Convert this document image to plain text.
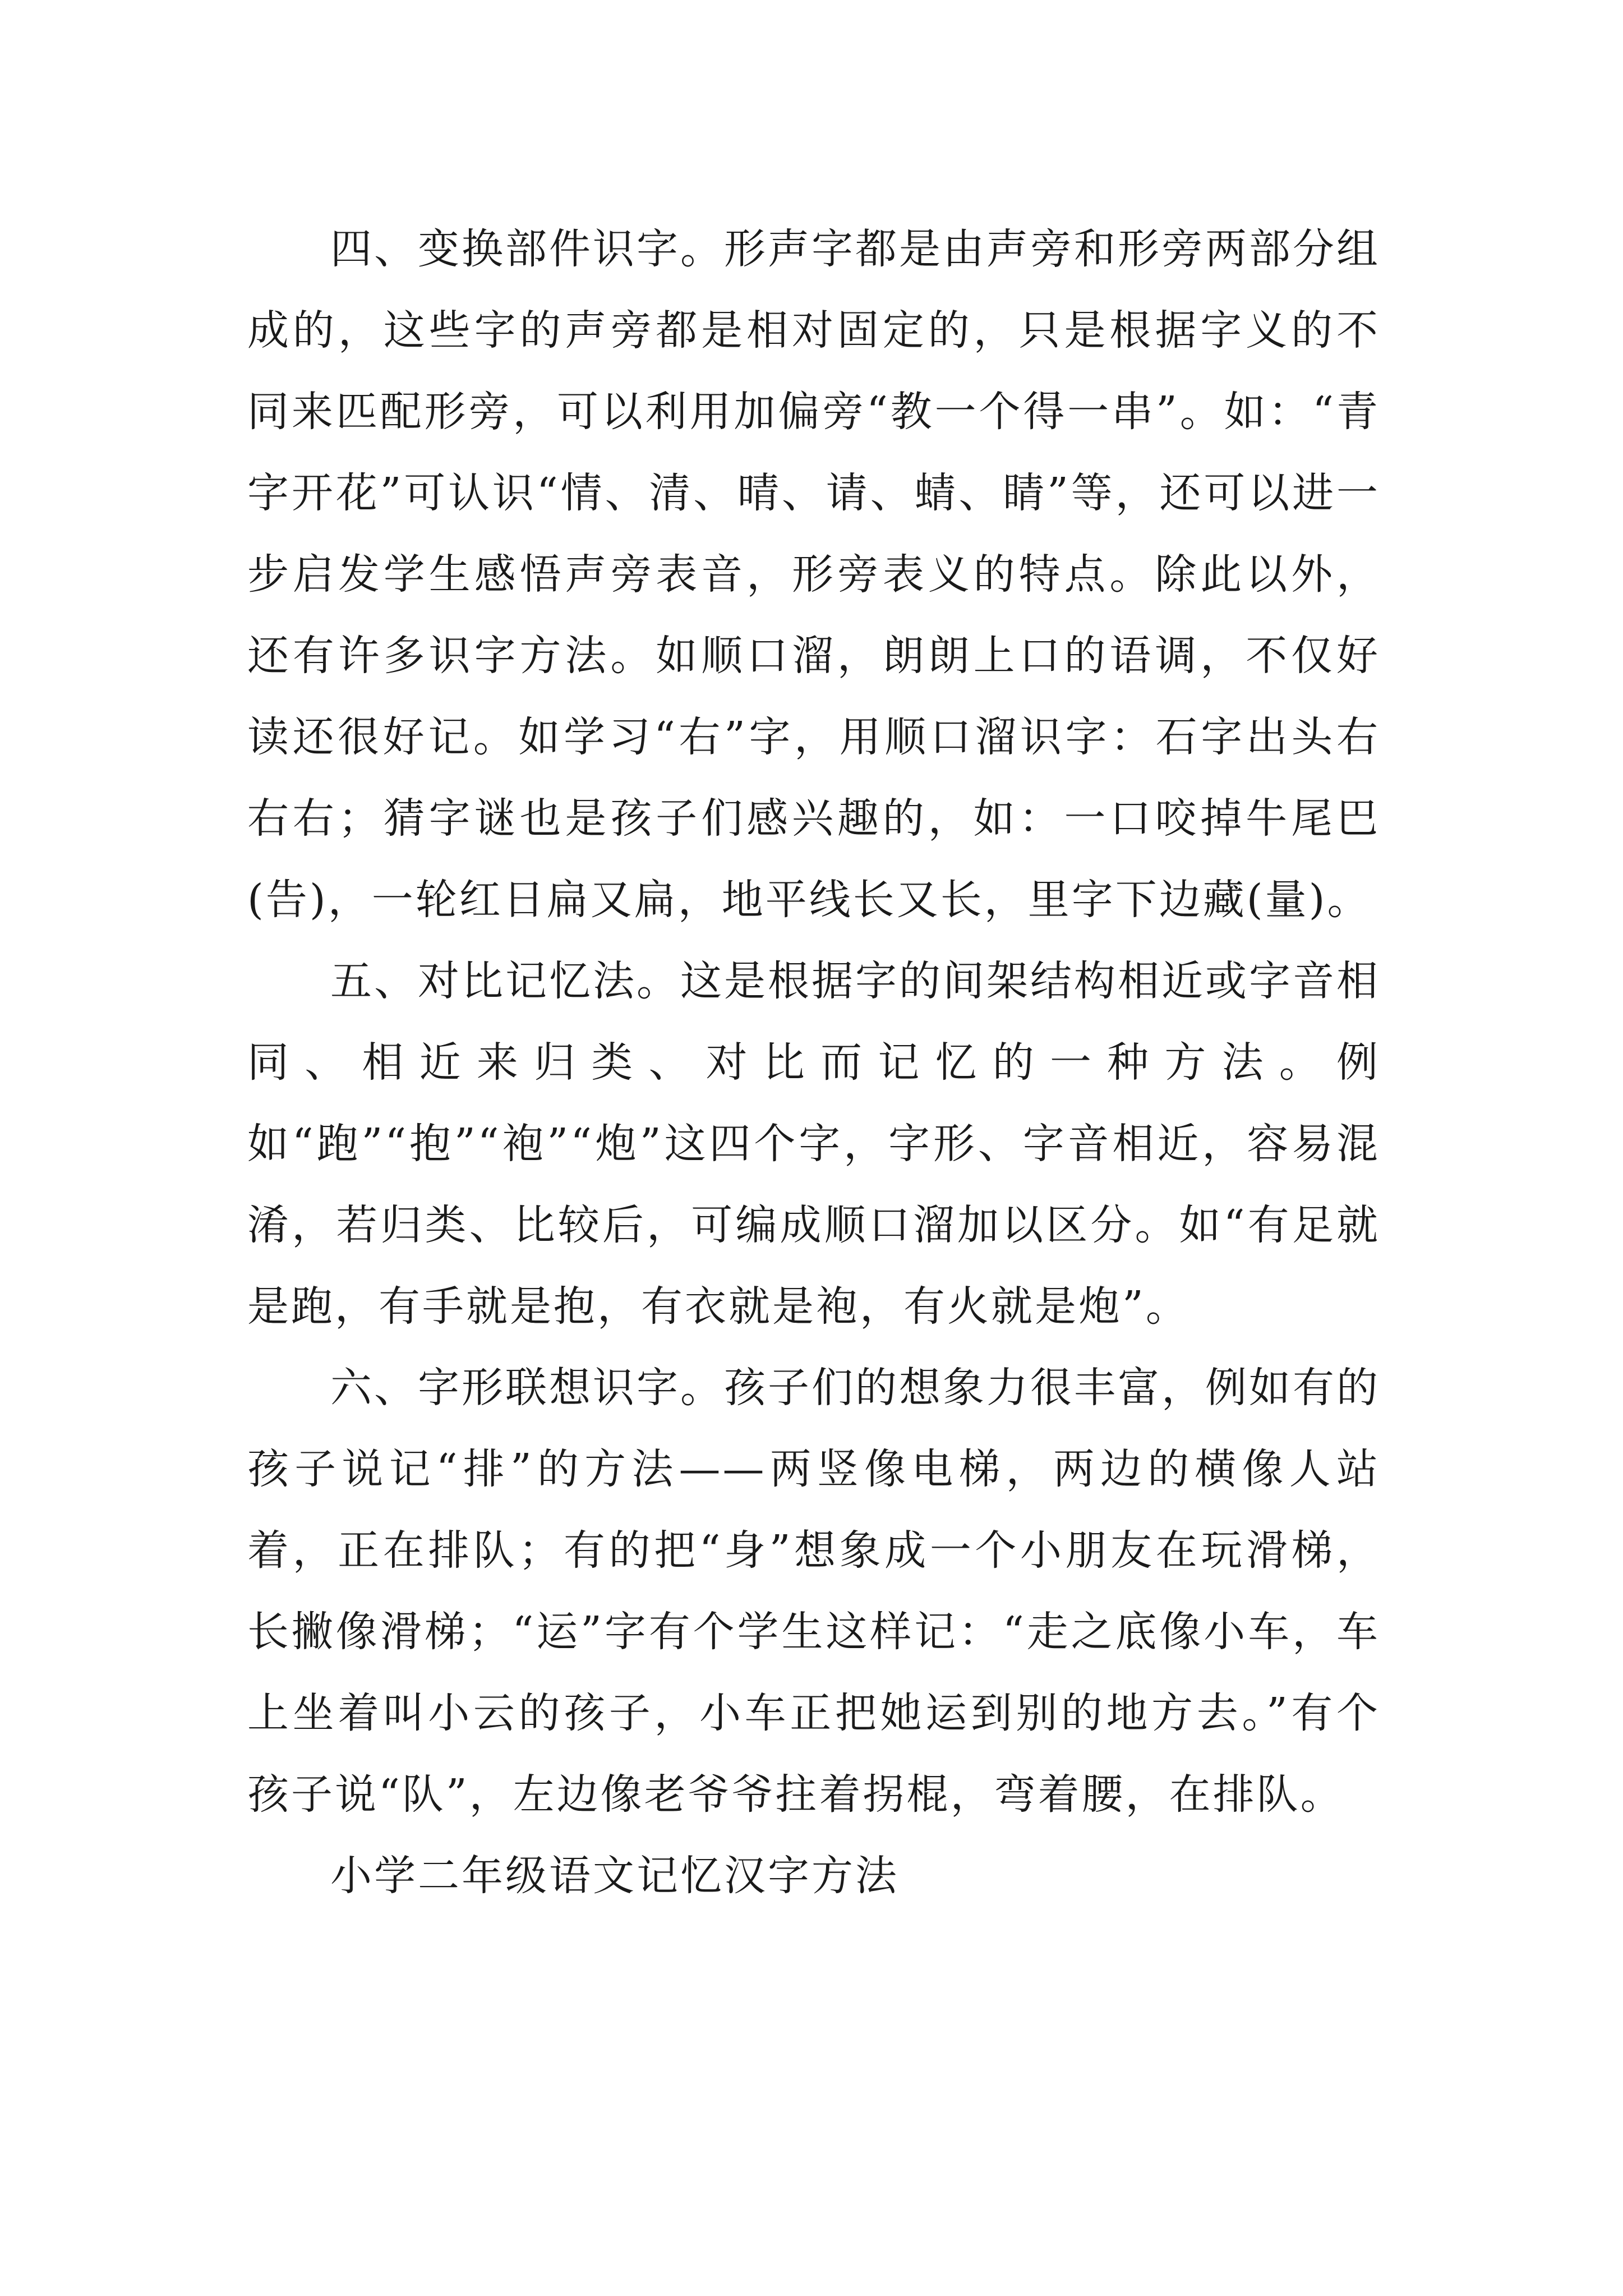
四、变换部件识字。形声字都是由声旁和形旁两部分组成的，这些字的声旁都是相对固定的，只是根据字义的不同来匹配形旁，可以利用加偏旁“教一个得一串”。如：“青字开花”可认识“情、清、晴、请、蜻、睛”等，还可以进一步启发学生感悟声旁表音，形旁表义的特点。除此以外，还有许多识字方法。如顺口溜，朗朗上口的语调，不仅好读还很好记。如学习“右”字，用顺口溜识字：石字出头右右右；猜字谜也是孩子们感兴趣的，如：一口咬掉牛尾巴(告)，一轮红日扁又扁，地平线长又长，里字下边藏(量)。

五、对比记忆法。这是根据字的间架结构相近或字音相同、相近来归类、对比而记忆的一种方法。例如“跑”“抱”“袍”“炮”这四个字，字形、字音相近，容易混淆，若归类、比较后，可编成顺口溜加以区分。如“有足就是跑，有手就是抱，有衣就是袍，有火就是炮”。

六、字形联想识字。孩子们的想象力很丰富，例如有的孩子说记“排”的方法——两竖像电梯，两边的横像人站着，正在排队；有的把“身”想象成一个小朋友在玩滑梯，长撇像滑梯；“运”字有个学生这样记：“走之底像小车，车上坐着叫小云的孩子，小车正把她运到别的地方去。”有个孩子说“队”，左边像老爷爷拄着拐棍，弯着腰，在排队。

小学二年级语文记忆汉字方法
